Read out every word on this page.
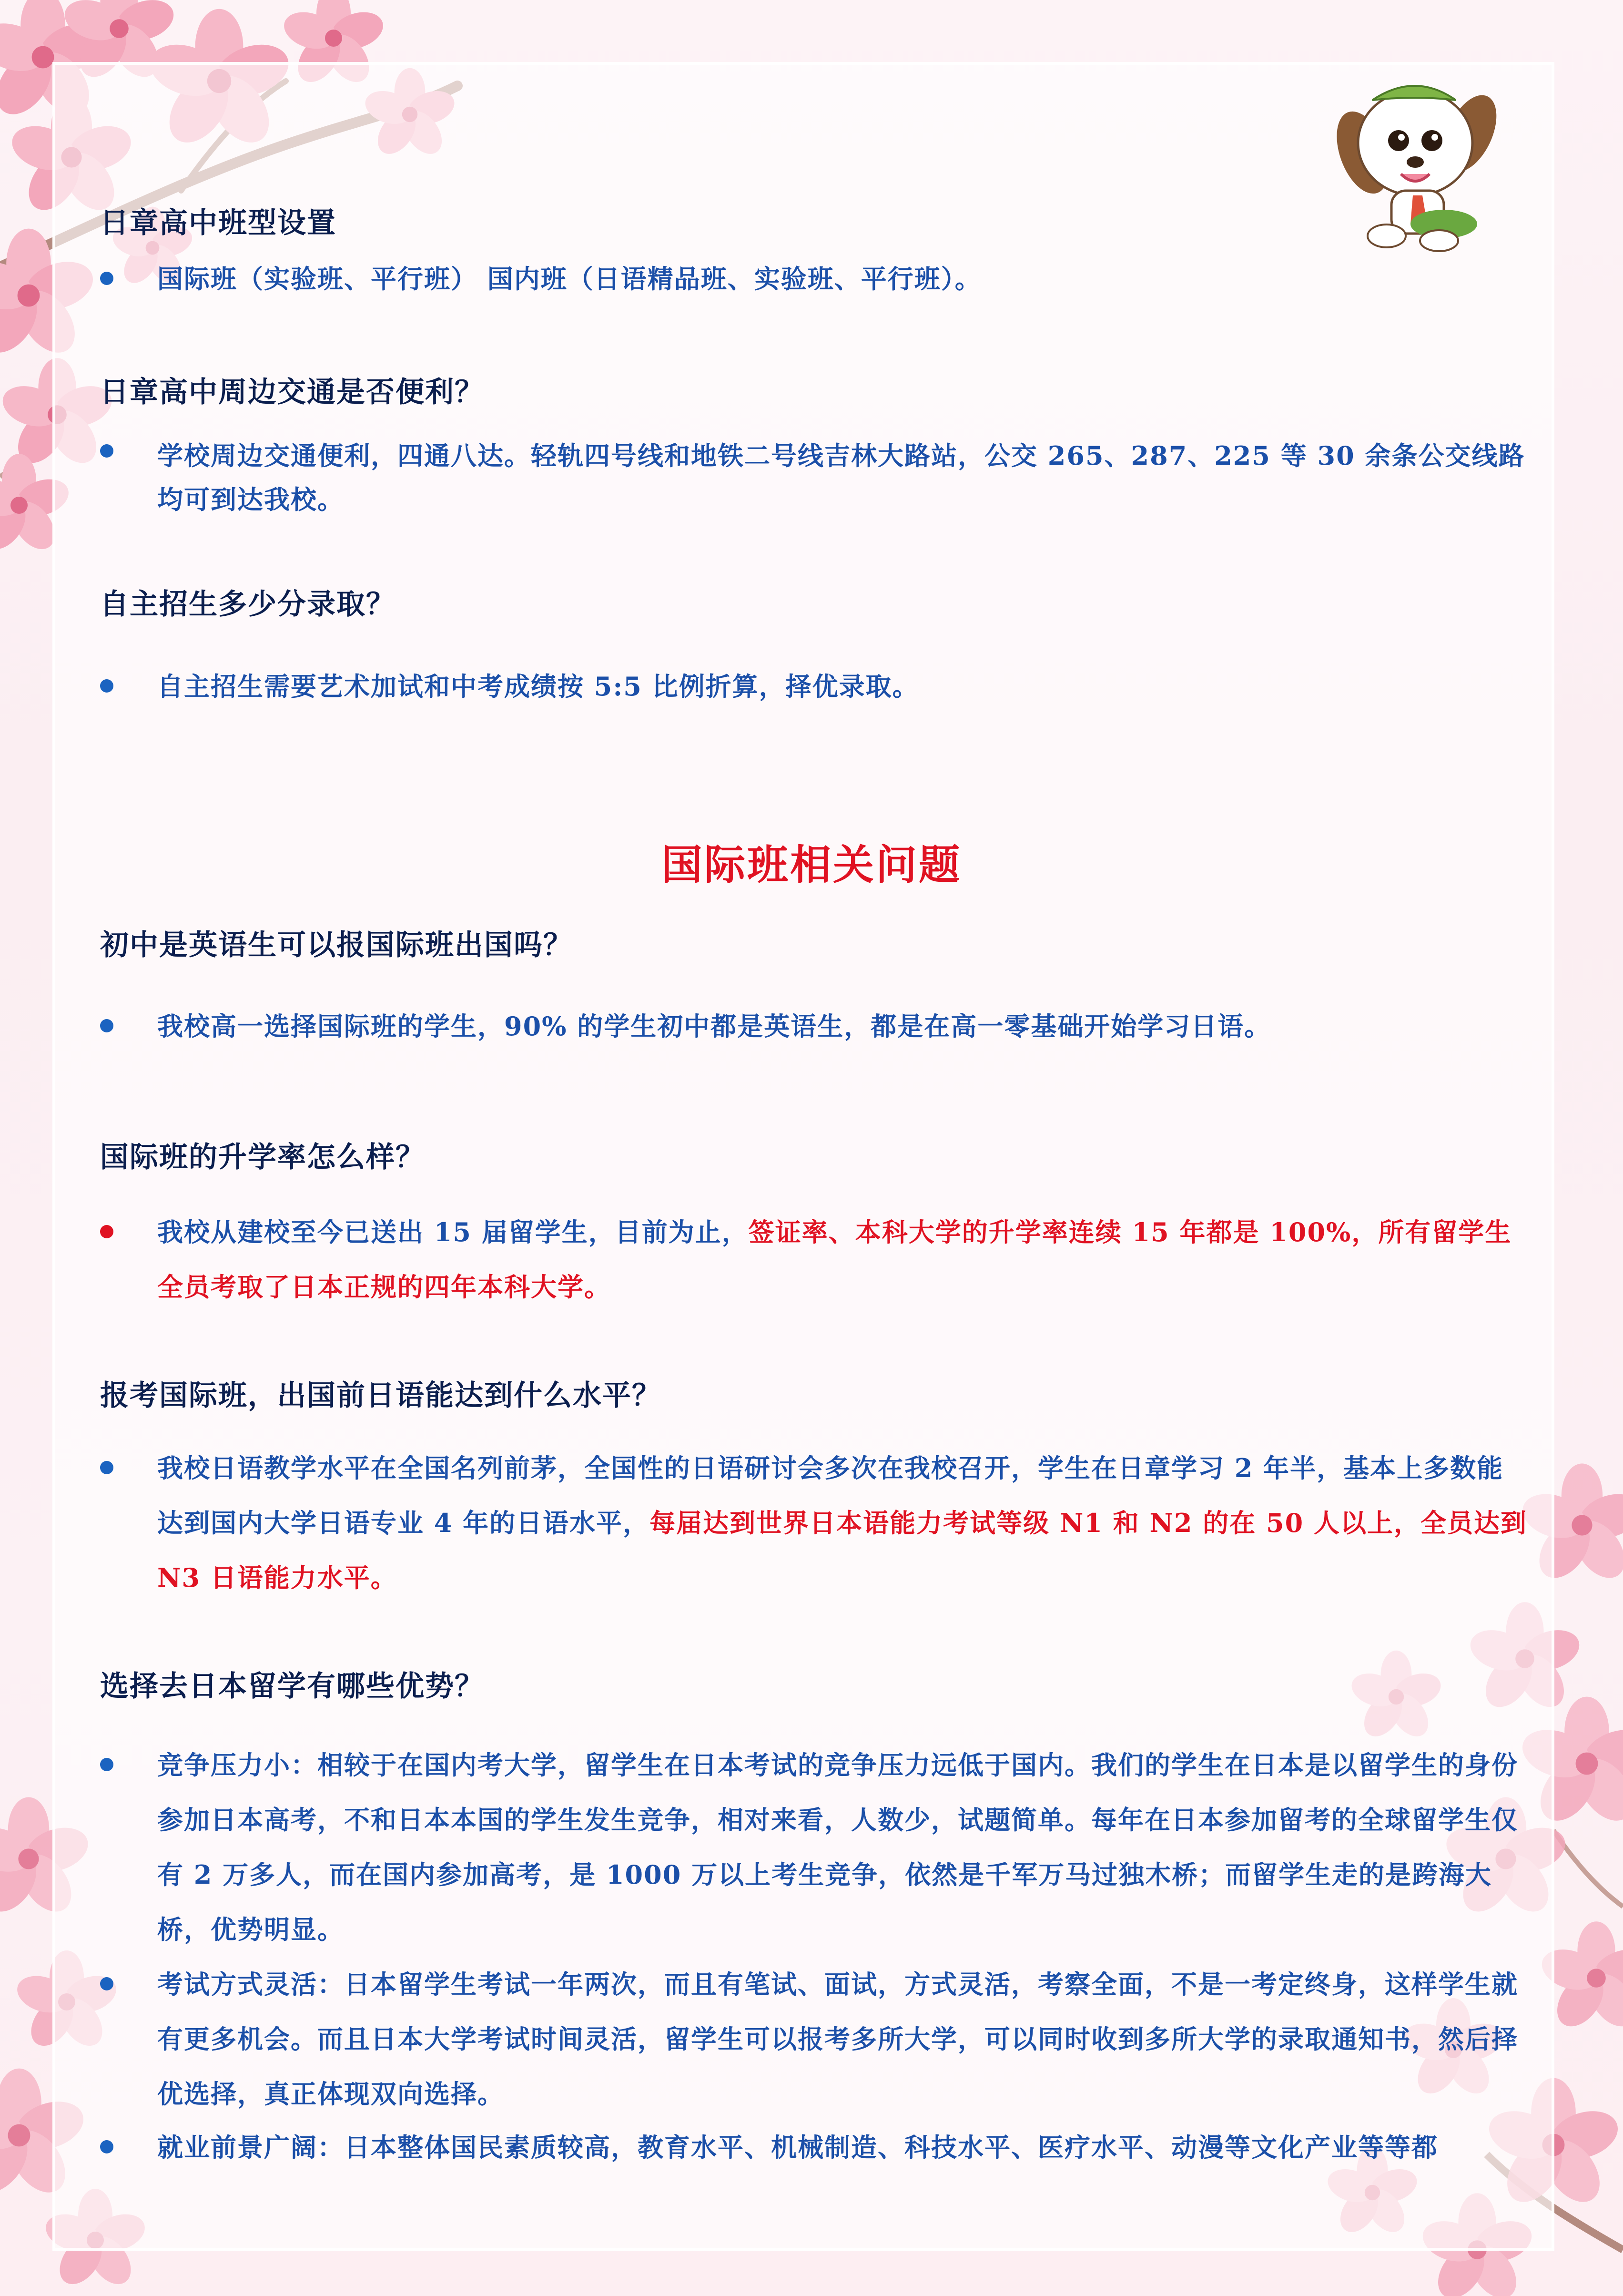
日章高中班型设置
国际班（实验班、平行班） 国内班（日语精品班、实验班、平行班）。
日章高中周边交通是否便利？
学校周边交通便利，四通八达。轻轨四号线和地铁二号线吉林大路站，公交 265、287、225 等 30 余条公交线路均可到达我校。
自主招生多少分录取？
自主招生需要艺术加试和中考成绩按 5:5 比例折算，择优录取。
国际班相关问题
初中是英语生可以报国际班出国吗？
我校高一选择国际班的学生，90% 的学生初中都是英语生，都是在高一零基础开始学习日语。
国际班的升学率怎么样？
我校从建校至今已送出 15 届留学生，目前为止，签证率、本科大学的升学率连续 15 年都是 100%，所有留学生全员考取了日本正规的四年本科大学。
报考国际班，出国前日语能达到什么水平？
我校日语教学水平在全国名列前茅，全国性的日语研讨会多次在我校召开，学生在日章学习 2 年半，基本上多数能达到国内大学日语专业 4 年的日语水平，每届达到世界日本语能力考试等级 N1 和 N2 的在 50 人以上，全员达到 N3 日语能力水平。
选择去日本留学有哪些优势？
竞争压力小：相较于在国内考大学，留学生在日本考试的竞争压力远低于国内。我们的学生在日本是以留学生的身份参加日本高考，不和日本本国的学生发生竞争，相对来看，人数少，试题简单。每年在日本参加留考的全球留学生仅有 2 万多人，而在国内参加高考，是 1000 万以上考生竞争，依然是千军万马过独木桥；而留学生走的是跨海大桥，优势明显。
考试方式灵活：日本留学生考试一年两次，而且有笔试、面试，方式灵活，考察全面，不是一考定终身，这样学生就有更多机会。而且日本大学考试时间灵活，留学生可以报考多所大学，可以同时收到多所大学的录取通知书，然后择优选择，真正体现双向选择。
就业前景广阔：日本整体国民素质较高，教育水平、机械制造、科技水平、医疗水平、动漫等文化产业等等都
